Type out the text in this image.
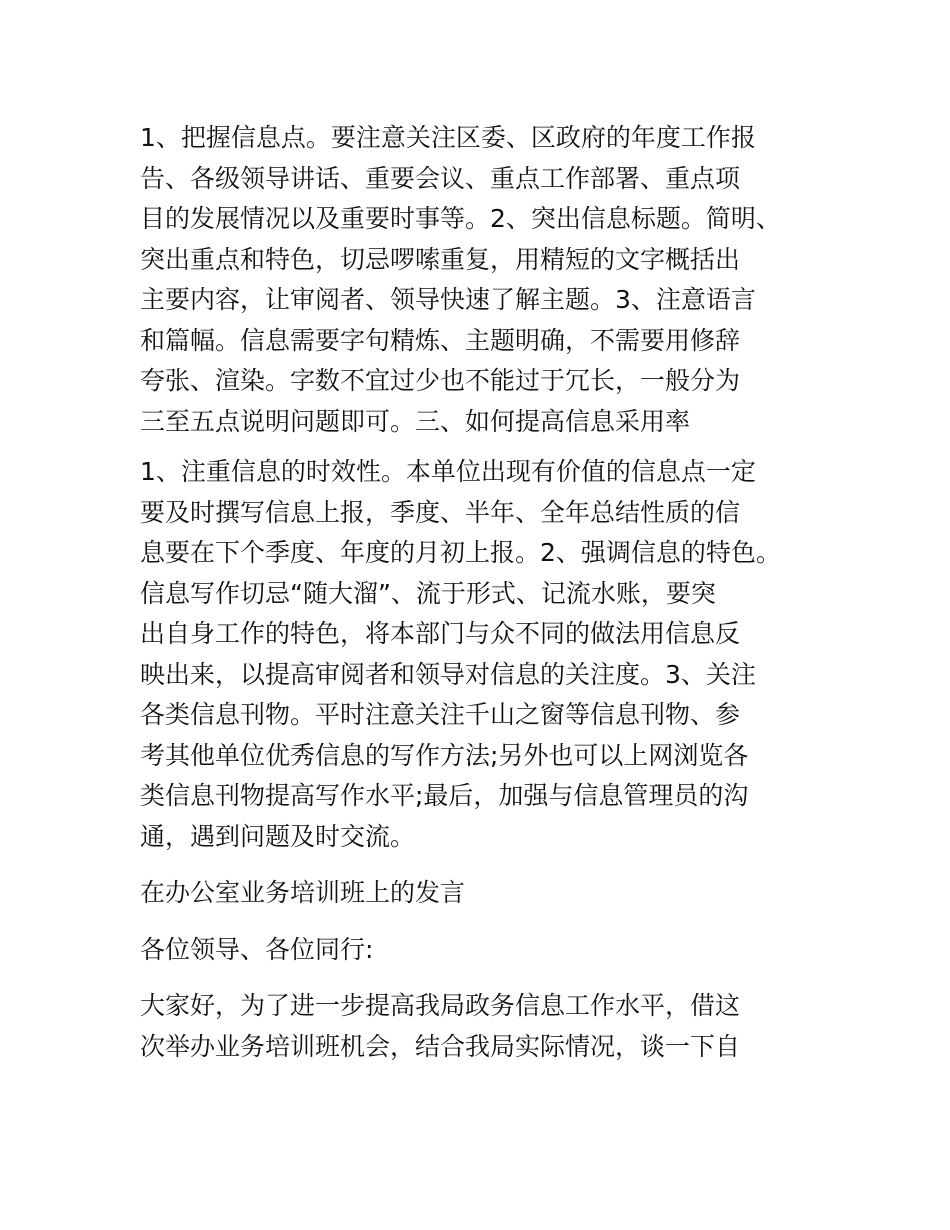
1、把握信息点。要注意关注区委、区政府的年度工作报
告、各级领导讲话、重要会议、重点工作部署、重点项
目的发展情况以及重要时事等。2、突出信息标题。简明、
突出重点和特色，切忌啰嗦重复，用精短的文字概括出
主要内容，让审阅者、领导快速了解主题。3、注意语言
和篇幅。信息需要字句精炼、主题明确，不需要用修辞
夸张、渲染。字数不宜过少也不能过于冗长，一般分为
三至五点说明问题即可。三、如何提高信息采用率
1、注重信息的时效性。本单位出现有价值的信息点一定
要及时撰写信息上报，季度、半年、全年总结性质的信
息要在下个季度、年度的月初上报。2、强调信息的特色。
信息写作切忌“随大溜”、流于形式、记流水账，要突
出自身工作的特色，将本部门与众不同的做法用信息反
映出来，以提高审阅者和领导对信息的关注度。3、关注
各类信息刊物。平时注意关注千山之窗等信息刊物、参
考其他单位优秀信息的写作方法;另外也可以上网浏览各
类信息刊物提高写作水平;最后，加强与信息管理员的沟
通，遇到问题及时交流。
在办公室业务培训班上的发言
各位领导、各位同行:
大家好，为了进一步提高我局政务信息工作水平，借这
次举办业务培训班机会，结合我局实际情况，谈一下自
